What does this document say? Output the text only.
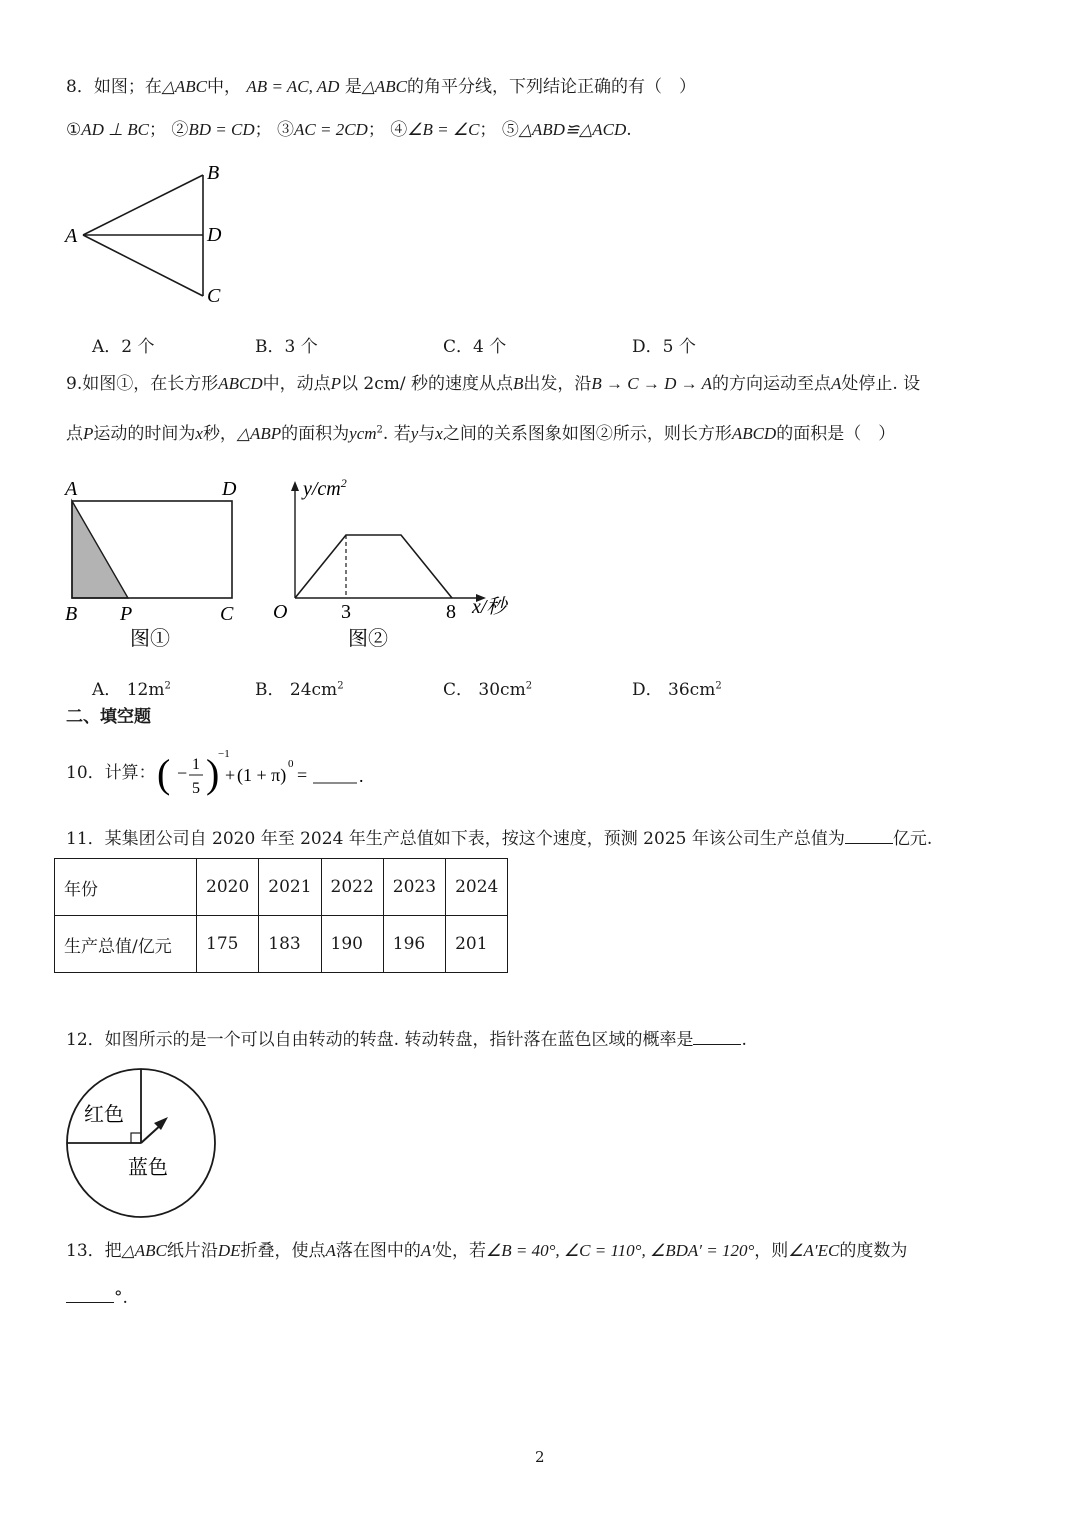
8．如图；在△ABC中， AB = AC, AD 是△ABC的角平分线，下列结论正确的有（　）
①AD ⊥ BC； ②BD = CD； ③AC = 2CD； ④∠B = ∠C； ⑤△ABD≌△ACD.
A
B
D
C
A．2 个	B．3 个	C．4 个	D．5 个
9.如图①，在长方形ABCD中，动点P以 2cm/ 秒的速度从点B出发，沿B → C → D → A的方向运动至点A处停止. 设
点P运动的时间为x秒，△ABP的面积为ycm$^2$. 若y与x之间的关系图象如图②所示，则长方形ABCD的面积是（　）
A	D
B P	C
图①
$y/cm^2$
O	3	8 x/秒
图②
A． $12m^2$	B． $24cm^2$	C． $30cm^2$	D． $36cm^2$
二、填空题
10．计算： ( − 1
5 )
−1
+ (1 + π)
0
=	.
11．某集团公司自 2020 年至 2024 年生产总值如下表，按这个速度，预测 2025 年该公司生产总值为	亿元.
年份	2020	2021	2022	2023	2024
生产总值/亿元	175	183	190	196	201
12．如图所示的是一个可以自由转动的转盘. 转动转盘，指针落在蓝色区域的概率是	.
红色
蓝色
13．把△ABC纸片沿DE折叠，使点A落在图中的A′处，若∠B = 40°, ∠C = 110°, ∠BDA′ = 120°，则∠A′EC的度数为
°.
2
